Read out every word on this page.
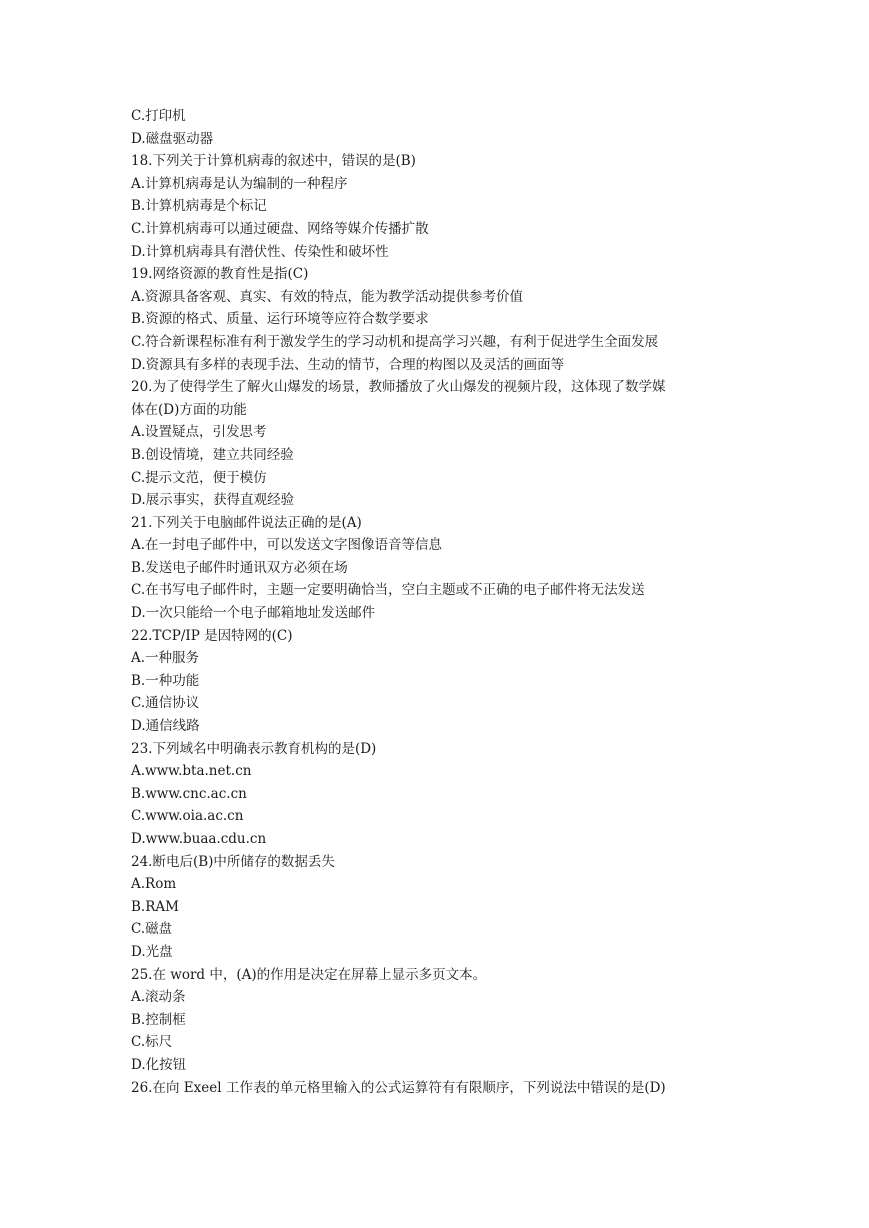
C.打印机
D.磁盘驱动器
18.下列关于计算机病毒的叙述中，错误的是(B)
A.计算机病毒是认为编制的一种程序
B.计算机病毒是个标记
C.计算机病毒可以通过硬盘、网络等媒介传播扩散
D.计算机病毒具有潜伏性、传染性和破坏性
19.网络资源的教育性是指(C)
A.资源具备客观、真实、有效的特点，能为教学活动提供参考价值
B.资源的格式、质量、运行环境等应符合数学要求
C.符合新课程标准有利于激发学生的学习动机和提高学习兴趣，有利于促进学生全面发展
D.资源具有多样的表现手法、生动的情节，合理的构图以及灵活的画面等
20.为了使得学生了解火山爆发的场景，教师播放了火山爆发的视频片段，这体现了数学媒
体在(D)方面的功能
A.设置疑点，引发思考
B.创设情境，建立共同经验
C.提示文范，便于模仿
D.展示事实，获得直观经验
21.下列关于电脑邮件说法正确的是(A)
A.在一封电子邮件中，可以发送文字图像语音等信息
B.发送电子邮件时通讯双方必须在场
C.在书写电子邮件时，主题一定要明确恰当，空白主题或不正确的电子邮件将无法发送
D.一次只能给一个电子邮箱地址发送邮件
22.TCP/IP 是因特网的(C)
A.一种服务
B.一种功能
C.通信协议
D.通信线路
23.下列域名中明确表示教育机构的是(D)
A.www.bta.net.cn
B.www.cnc.ac.cn
C.www.oia.ac.cn
D.www.buaa.cdu.cn
24.断电后(B)中所储存的数据丢失
A.Rom
B.RAM
C.磁盘
D.光盘
25.在 word 中，(A)的作用是决定在屏幕上显示多页文本。
A.滚动条
B.控制框
C.标尺
D.化按钮
26.在向 Exeel 工作表的单元格里输入的公式运算符有有限顺序，下列说法中错误的是(D)
